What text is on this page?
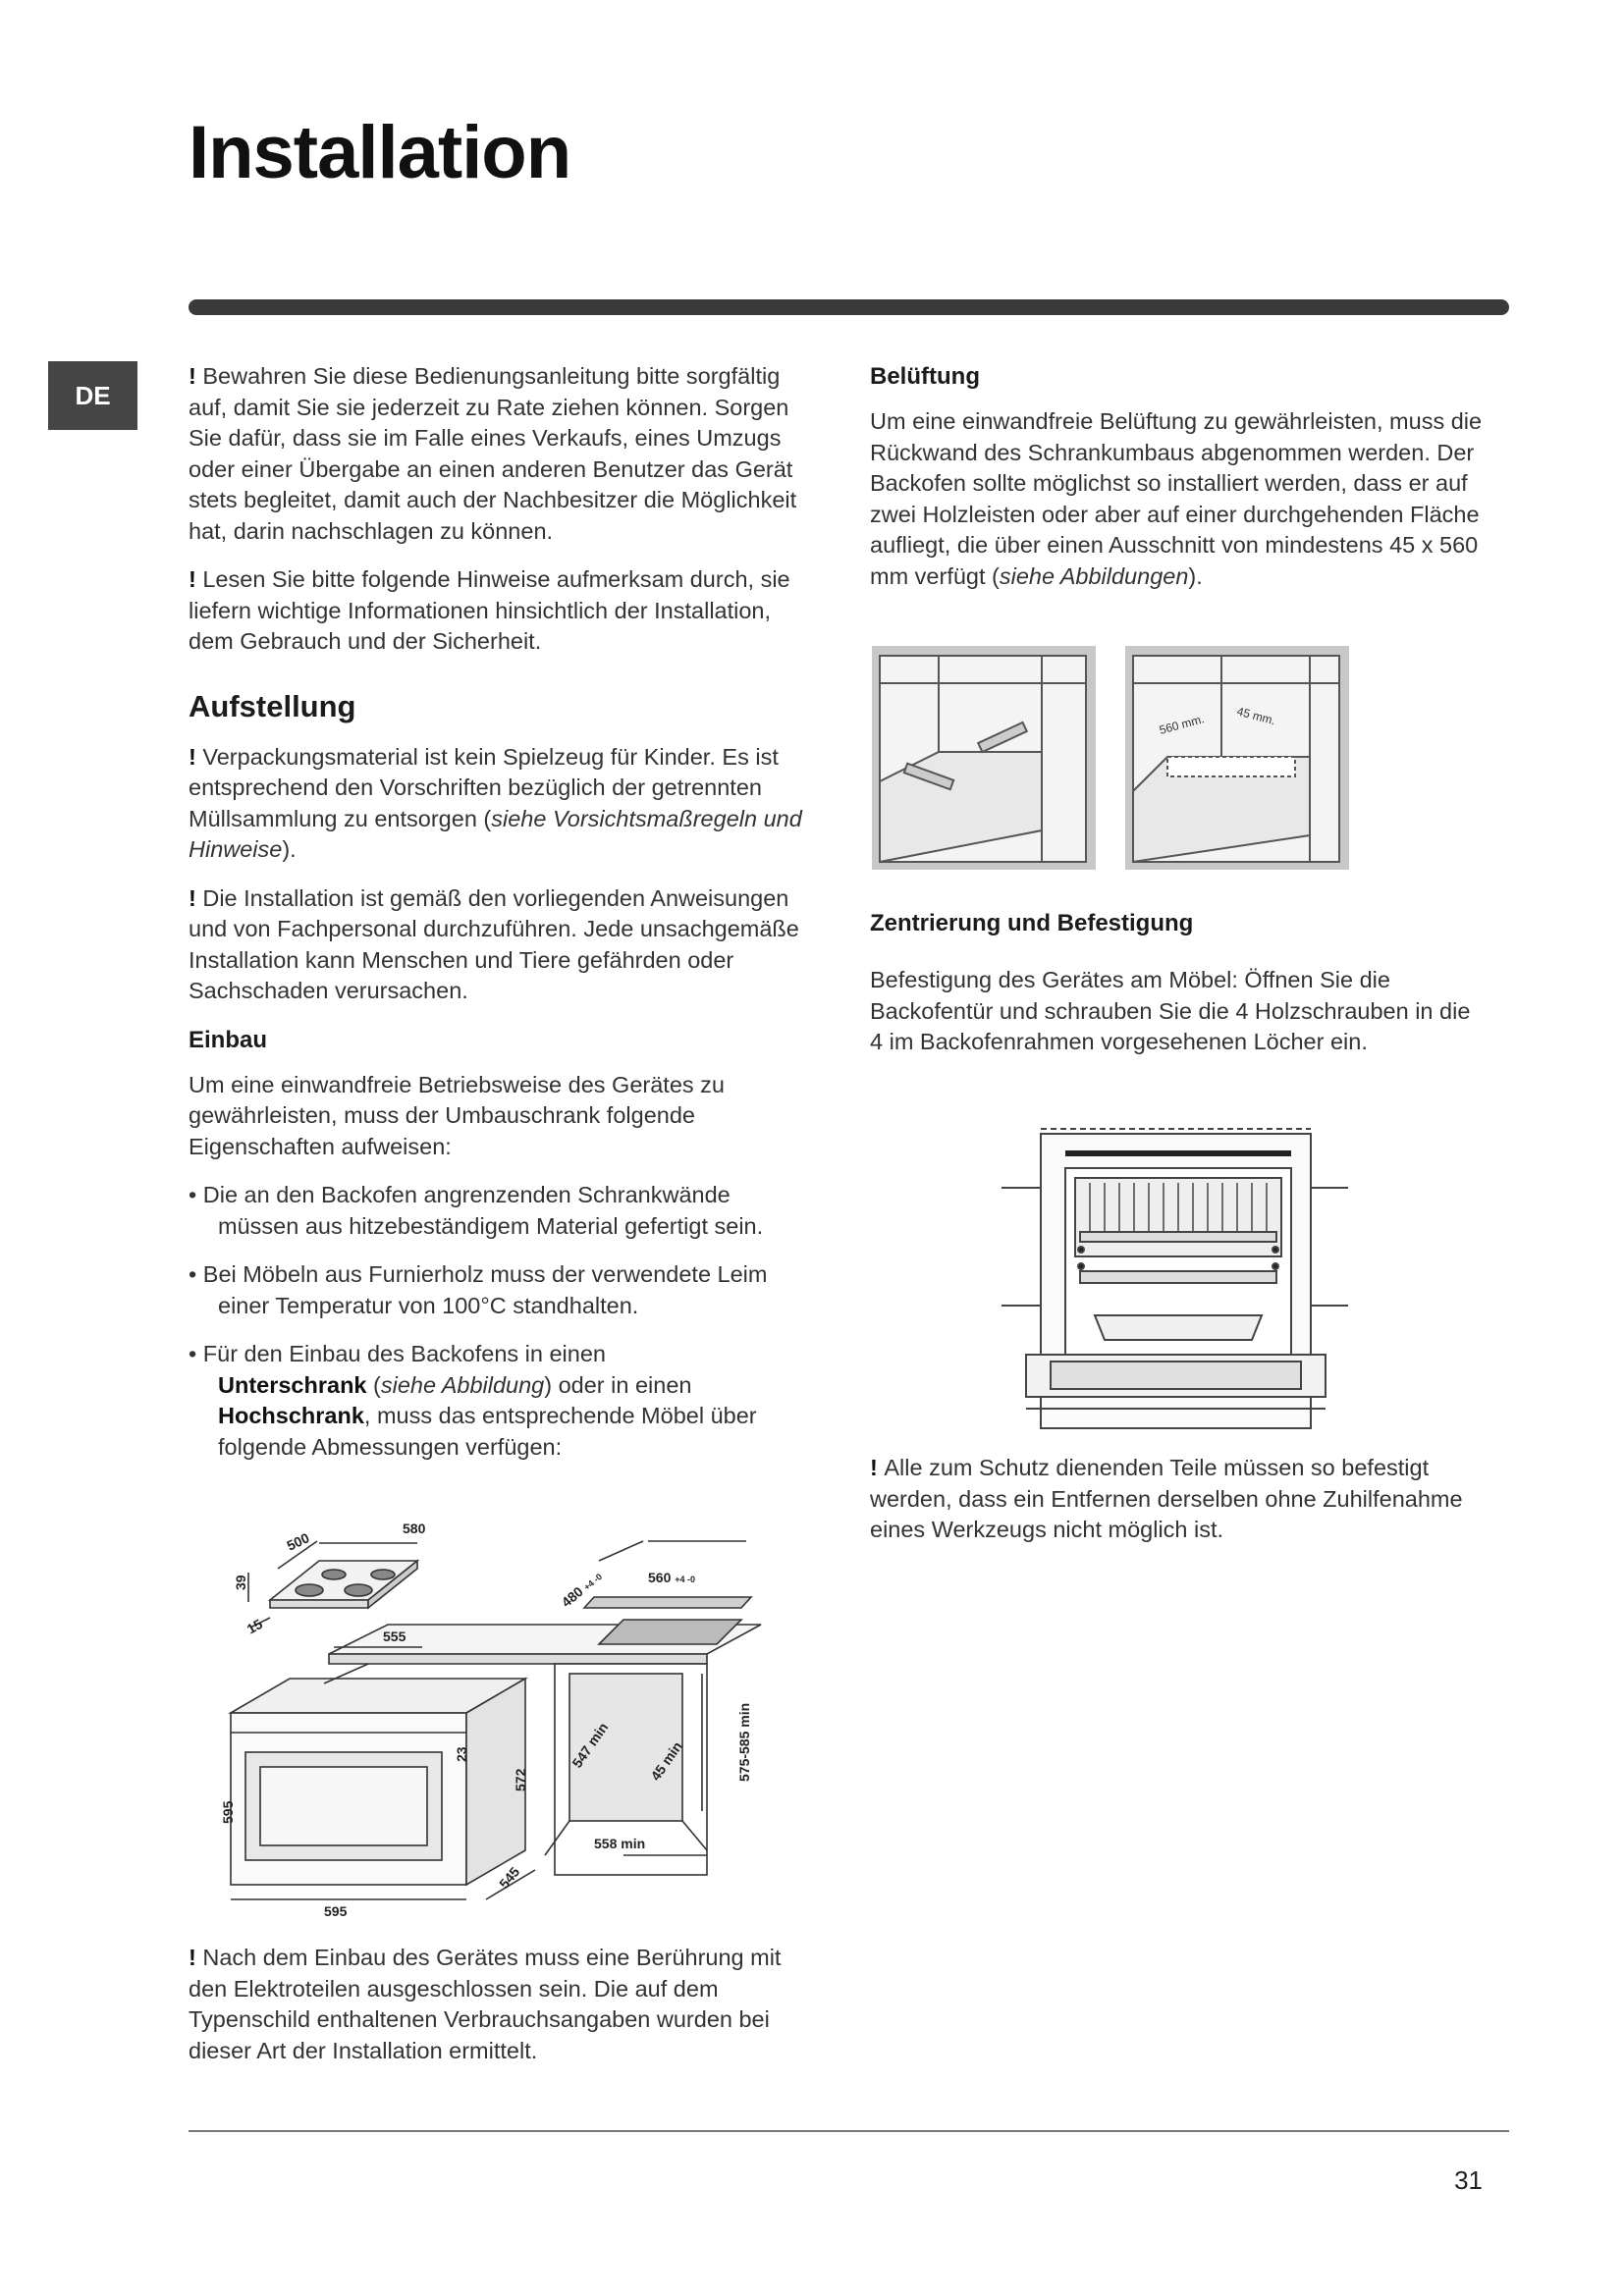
Installation
DE

! Bewahren Sie diese Bedienungsanleitung bitte sorgfältig auf, damit Sie sie jederzeit zu Rate ziehen können. Sorgen Sie dafür, dass sie im Falle eines Verkaufs, eines Umzugs oder einer Übergabe an einen anderen Benutzer das Gerät stets begleitet, damit auch der Nachbesitzer die Möglichkeit hat, darin nachschlagen zu können.

! Lesen Sie bitte folgende Hinweise aufmerksam durch, sie liefern wichtige Informationen hinsichtlich der Installation, dem Gebrauch und der Sicherheit.

Aufstellung

! Verpackungsmaterial ist kein Spielzeug für Kinder. Es ist entsprechend den Vorschriften bezüglich der getrennten Müllsammlung zu entsorgen (siehe Vorsichtsmaßregeln und Hinweise).

! Die Installation ist gemäß den vorliegenden Anweisungen und von Fachpersonal durchzuführen. Jede unsachgemäße Installation kann Menschen und Tiere gefährden oder Sachschaden verursachen.

Einbau

Um eine einwandfreie Betriebsweise des Gerätes zu gewährleisten, muss der Umbauschrank folgende Eigenschaften aufweisen:

• Die an den Backofen angrenzenden Schrankwände müssen aus hitzebeständigem Material gefertigt sein.

• Bei Möbeln aus Furnierholz muss der verwendete Leim einer Temperatur von 100°C standhalten.

• Für den Einbau des Backofens in einen
Unterschrank (siehe Abbildung) oder in einen
Hochschrank, muss das entsprechende Möbel über folgende Abmessungen verfügen:

580
500
39
15	555
480 +4 -0	560 +4 -0
23
572
547 min	45 min	575-585 min
595
595
545
558 min

! Nach dem Einbau des Gerätes muss eine Berührung mit den Elektroteilen ausgeschlossen sein. Die auf dem Typenschild enthaltenen Verbrauchsangaben wurden bei dieser Art der Installation ermittelt.

Belüftung

Um eine einwandfreie Belüftung zu gewährleisten, muss die Rückwand des Schrankumbaus abgenommen werden. Der Backofen sollte möglichst so installiert werden, dass er auf zwei Holzleisten oder aber auf einer durchgehenden Fläche aufliegt, die über einen Ausschnitt von mindestens 45 x 560 mm verfügt (siehe Abbildungen).

560 mm.	45 mm.
Zentrierung und Befestigung

Befestigung des Gerätes am Möbel: Öffnen Sie die Backofentür und schrauben Sie die 4 Holzschrauben in die 4 im Backofenrahmen vorgesehenen Löcher ein.

! Alle zum Schutz dienenden Teile müssen so befestigt werden, dass ein Entfernen derselben ohne Zuhilfenahme eines Werkzeugs nicht möglich ist.

31
